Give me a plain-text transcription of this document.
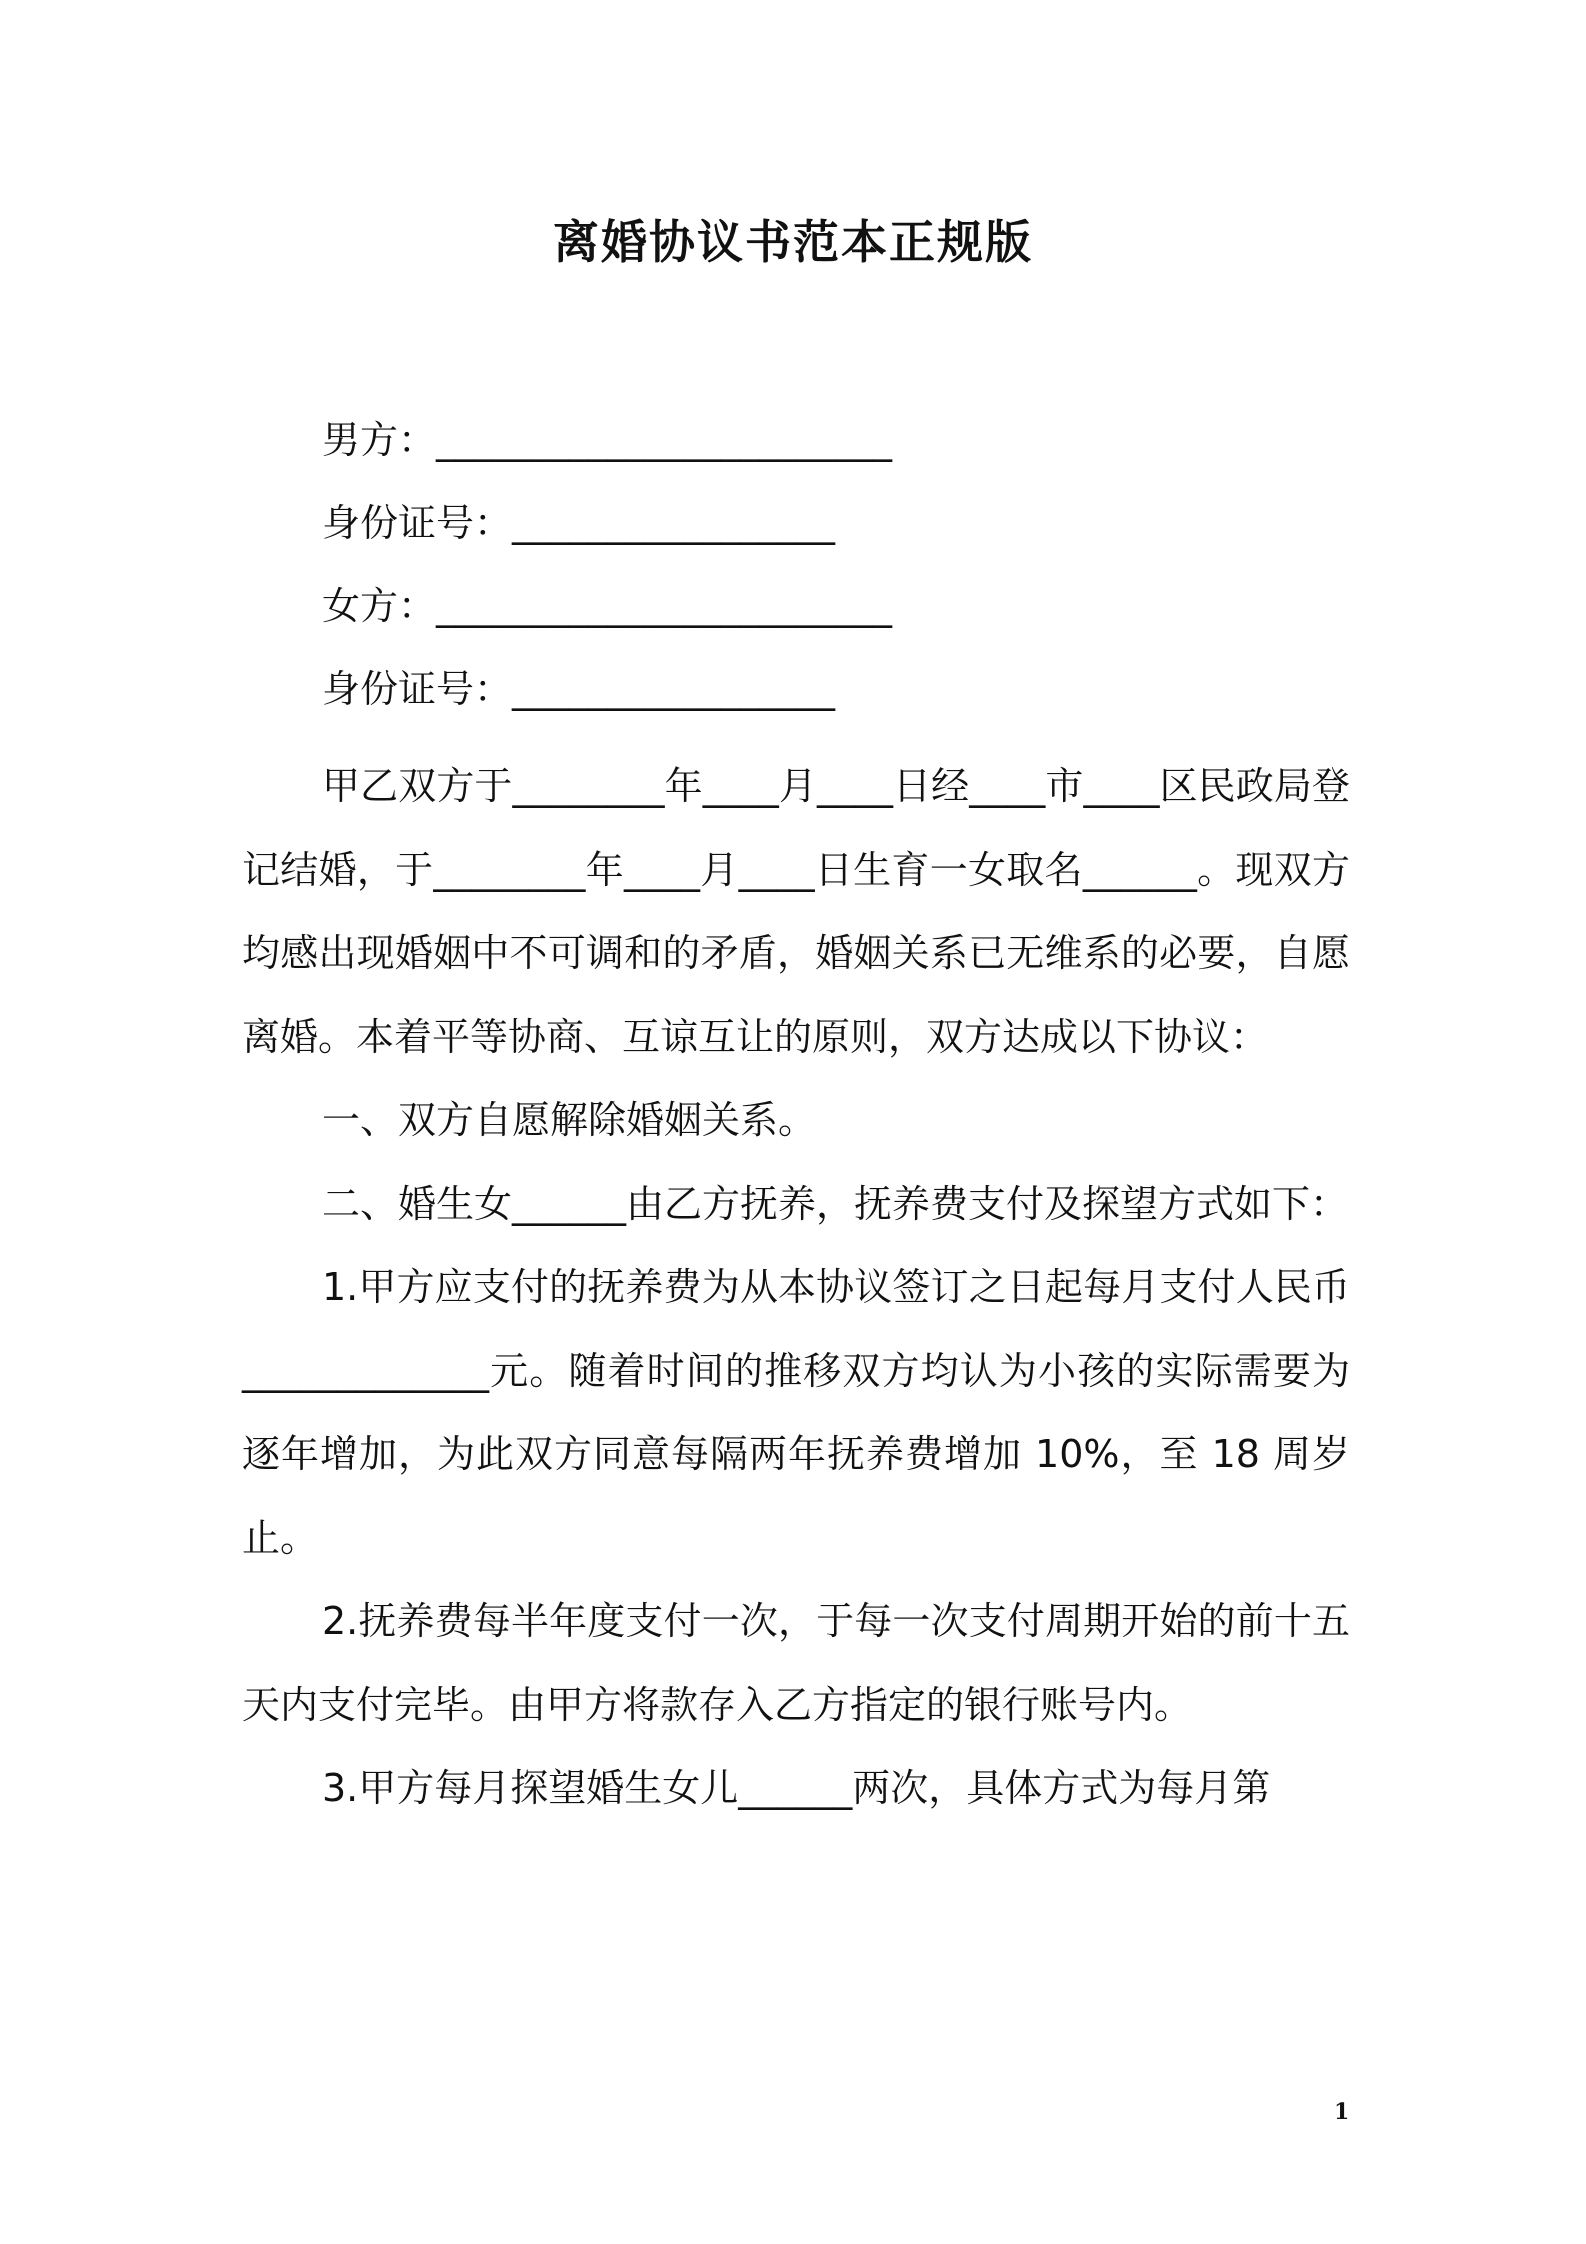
离婚协议书范本正规版
男方：________________________
身份证号：_________________
女方：________________________
身份证号：_________________

甲乙双方于________年____月____日经____市____区民政局登记结婚，于________年____月____日生育一女取名______。现双方均感出现婚姻中不可调和的矛盾，婚姻关系已无维系的必要，自愿离婚。本着平等协商、互谅互让的原则，双方达成以下协议：

一、双方自愿解除婚姻关系。

二、婚生女______由乙方抚养，抚养费支付及探望方式如下：

1.甲方应支付的抚养费为从本协议签订之日起每月支付人民币_____________元。随着时间的推移双方均认为小孩的实际需要为逐年增加，为此双方同意每隔两年抚养费增加 10%，至 18 周岁止。

2.抚养费每半年度支付一次，于每一次支付周期开始的前十五天内支付完毕。由甲方将款存入乙方指定的银行账号内。

3.甲方每月探望婚生女儿______两次，具体方式为每月第

1
